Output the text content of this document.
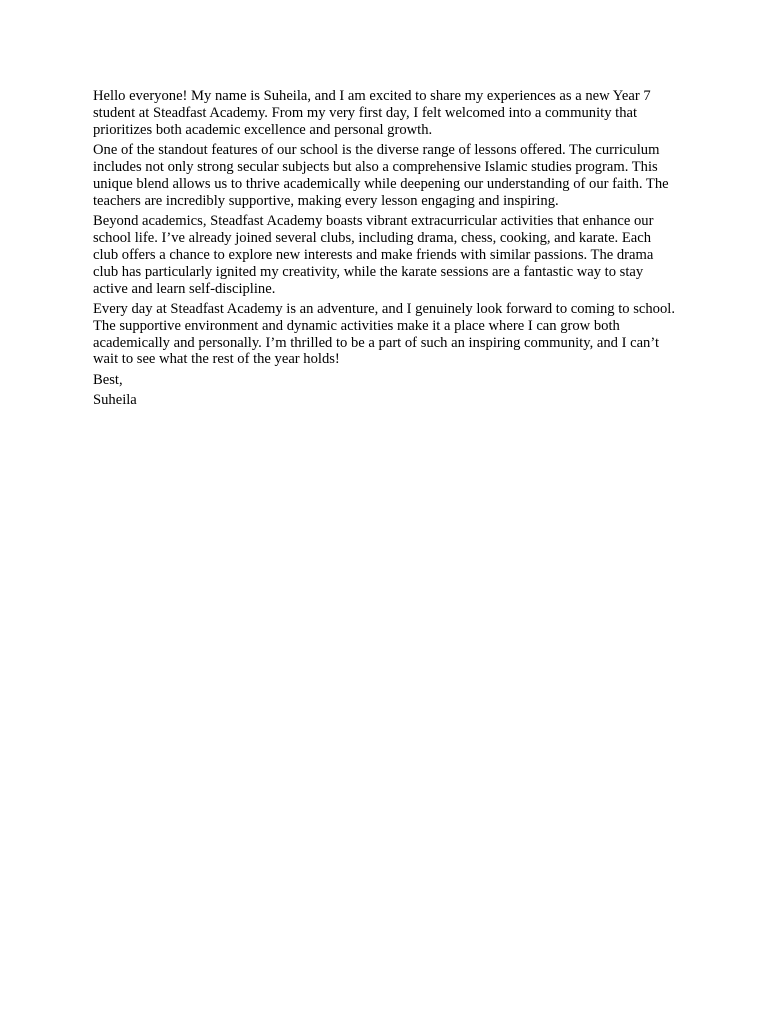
Hello everyone! My name is Suheila, and I am excited to share my experiences as a new Year 7 student at Steadfast Academy. From my very first day, I felt welcomed into a community that prioritizes both academic excellence and personal growth.

One of the standout features of our school is the diverse range of lessons offered. The curriculum includes not only strong secular subjects but also a comprehensive Islamic studies program. This unique blend allows us to thrive academically while deepening our understanding of our faith. The teachers are incredibly supportive, making every lesson engaging and inspiring.

Beyond academics, Steadfast Academy boasts vibrant extracurricular activities that enhance our school life. I’ve already joined several clubs, including drama, chess, cooking, and karate. Each club offers a chance to explore new interests and make friends with similar passions. The drama club has particularly ignited my creativity, while the karate sessions are a fantastic way to stay active and learn self-discipline.

Every day at Steadfast Academy is an adventure, and I genuinely look forward to coming to school. The supportive environment and dynamic activities make it a place where I can grow both academically and personally. I’m thrilled to be a part of such an inspiring community, and I can’t wait to see what the rest of the year holds!

Best,

Suheila
